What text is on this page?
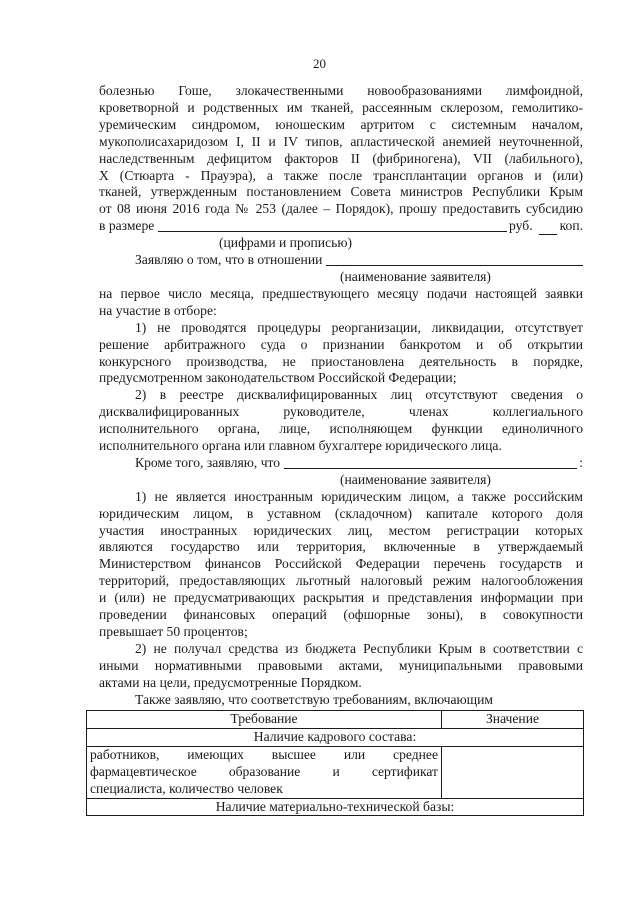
20

болезнью Гоше, злокачественными новообразованиями лимфоидной,

кроветворной и родственных им тканей, рассеянным склерозом, гемолитико-

уремическим синдромом, юношеским артритом с системным началом,

мукополисахаридозом I, II и IV типов, апластической анемией неуточненной,

наследственным дефицитом факторов II (фибриногена), VII (лабильного),

X (Стюарта - Прауэра), а также после трансплантации органов и (или)

тканей, утвержденным постановлением Совета министров Республики Крым

от 08 июня 2016 года № 253 (далее – Порядок), прошу предоставить субсидию

в размере	руб. коп.

(цифрами и прописью)

Заявляю о том, что в отношении

(наименование заявителя)

на первое число месяца, предшествующего месяцу подачи настоящей заявки

на участие в отборе:

1) не проводятся процедуры реорганизации, ликвидации, отсутствует

решение арбитражного суда о признании банкротом и об открытии

конкурсного производства, не приостановлена деятельность в порядке,

предусмотренном законодательством Российской Федерации;

2) в реестре дисквалифицированных лиц отсутствуют сведения о

дисквалифицированных руководителе, членах коллегиального

исполнительного органа, лице, исполняющем функции единоличного

исполнительного органа или главном бухгалтере юридического лица.

Кроме того, заявляю, что	:

(наименование заявителя)

1) не является иностранным юридическим лицом, а также российским

юридическим лицом, в уставном (складочном) капитале которого доля

участия иностранных юридических лиц, местом регистрации которых

являются государство или территория, включенные в утверждаемый

Министерством финансов Российской Федерации перечень государств и

территорий, предоставляющих льготный налоговый режим налогообложения

и (или) не предусматривающих раскрытия и представления информации при

проведении финансовых операций (офшорные зоны), в совокупности

превышает 50 процентов;

2) не получал средства из бюджета Республики Крым в соответствии с

иными нормативными правовыми актами, муниципальными правовыми

актами на цели, предусмотренные Порядком.

Также заявляю, что соответствую требованиям, включающим

Требование	Значение
Наличие кадрового состава:	

работников, имеющих высшее или среднее
фармацевтическое образование и сертификат
специалиста, количество человек	

Наличие материально-технической базы:	
